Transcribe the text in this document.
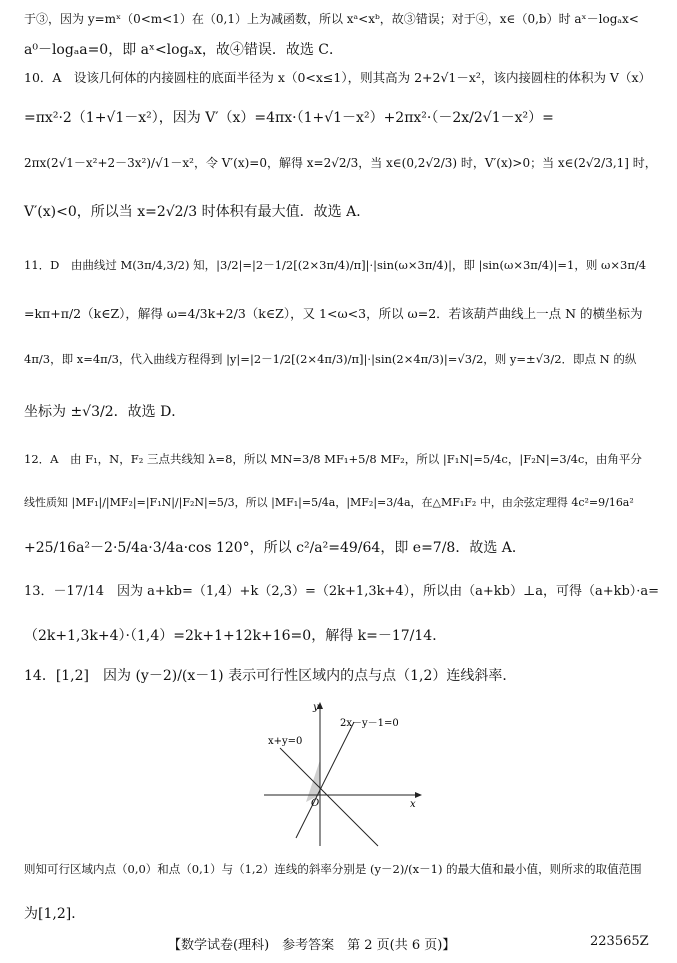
于③，因为 y=mˣ（0<m<1）在（0,1）上为减函数，所以 xᵃ<xᵇ，故③错误；对于④，x∈（0,b）时 aˣ－logₐx<
a⁰－logₐa=0，即 aˣ<logₐx，故④错误．故选 C．
10．A　设该几何体的内接圆柱的底面半径为 x（0<x≤1），则其高为 2+2√1－x²，该内接圆柱的体积为 V（x）
=πx²·2（1+√1－x²），因为 V′（x）=4πx·（1+√1－x²）+2πx²·（－2x/2√1－x²）=
2πx(2√1－x²+2－3x²)/√1－x²，令 V′(x)=0，解得 x=2√2/3，当 x∈(0,2√2/3) 时，V′(x)>0；当 x∈(2√2/3,1] 时，
V′(x)<0，所以当 x=2√2/3 时体积有最大值．故选 A．
11．D　由曲线过 M(3π/4,3/2) 知，|3/2|=|2－1/2[(2×3π/4)/π]|·|sin(ω×3π/4)|，即 |sin(ω×3π/4)|=1，则 ω×3π/4
=kπ+π/2（k∈Z），解得 ω=4/3k+2/3（k∈Z），又 1<ω<3，所以 ω=2．若该葫芦曲线上一点 N 的横坐标为
4π/3，即 x=4π/3，代入曲线方程得到 |y|=|2－1/2[(2×4π/3)/π]|·|sin(2×4π/3)|=√3/2，则 y=±√3/2．即点 N 的纵
坐标为 ±√3/2．故选 D．
12．A　由 F₁，N，F₂ 三点共线知 λ=8，所以 MN=3/8 MF₁+5/8 MF₂，所以 |F₁N|=5/4c，|F₂N|=3/4c，由角平分
线性质知 |MF₁|/|MF₂|=|F₁N|/|F₂N|=5/3，所以 |MF₁|=5/4a，|MF₂|=3/4a，在△MF₁F₂ 中，由余弦定理得 4c²=9/16a²
+25/16a²－2·5/4a·3/4a·cos 120°，所以 c²/a²=49/64，即 e=7/8．故选 A．
13．－17/14　因为 a+kb=（1,4）+k（2,3）=（2k+1,3k+4），所以由（a+kb）⊥a，可得（a+kb）·a=
（2k+1,3k+4）·（1,4）=2k+1+12k+16=0，解得 k=－17/14．
14．[1,2]　因为 (y－2)/(x－1) 表示可行性区域内的点与点（1,2）连线斜率．
y
x
O
2x－y－1=0
x+y=0
则知可行区域内点（0,0）和点（0,1）与（1,2）连线的斜率分别是 (y－2)/(x－1) 的最大值和最小值，则所求的取值范围
为[1,2]．
【数学试卷(理科)　参考答案　第 2 页(共 6 页)】	223565Z
